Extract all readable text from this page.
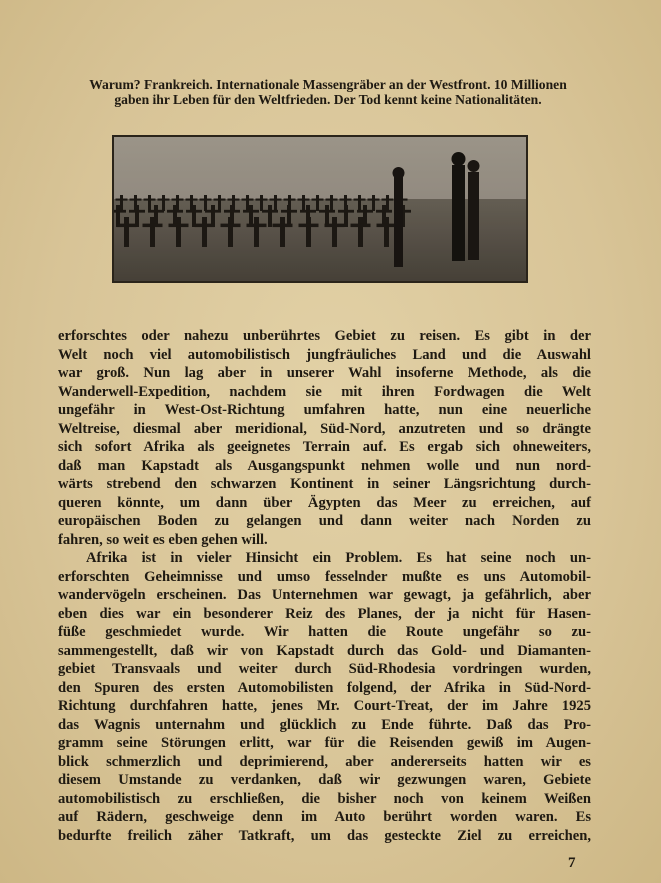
Warum? Frankreich. Internationale Massengräber an der Westfront. 10 Millionen
gaben ihr Leben für den Weltfrieden. Der Tod kennt keine Nationalitäten.
erforschtes oder nahezu unberührtes Gebiet zu reisen. Es gibt in der
Welt noch viel automobilistisch jungfräuliches Land und die Auswahl
war groß. Nun lag aber in unserer Wahl insoferne Methode, als die
Wanderwell-Expedition, nachdem sie mit ihren Fordwagen die Welt
ungefähr in West-Ost-Richtung umfahren hatte, nun eine neuerliche
Weltreise, diesmal aber meridional, Süd-Nord, anzutreten und so drängte
sich sofort Afrika als geeignetes Terrain auf. Es ergab sich ohneweiters,
daß man Kapstadt als Ausgangspunkt nehmen wolle und nun nord-
wärts strebend den schwarzen Kontinent in seiner Längsrichtung durch-
queren könnte, um dann über Ägypten das Meer zu erreichen, auf
europäischen Boden zu gelangen und dann weiter nach Norden zu
fahren, so weit es eben gehen will.
Afrika ist in vieler Hinsicht ein Problem. Es hat seine noch un-
erforschten Geheimnisse und umso fesselnder mußte es uns Automobil-
wandervögeln erscheinen. Das Unternehmen war gewagt, ja gefährlich, aber
eben dies war ein besonderer Reiz des Planes, der ja nicht für Hasen-
füße geschmiedet wurde. Wir hatten die Route ungefähr so zu-
sammengestellt, daß wir von Kapstadt durch das Gold- und Diamanten-
gebiet Transvaals und weiter durch Süd-Rhodesia vordringen wurden,
den Spuren des ersten Automobilisten folgend, der Afrika in Süd-Nord-
Richtung durchfahren hatte, jenes Mr. Court-Treat, der im Jahre 1925
das Wagnis unternahm und glücklich zu Ende führte. Daß das Pro-
gramm seine Störungen erlitt, war für die Reisenden gewiß im Augen-
blick schmerzlich und deprimierend, aber andererseits hatten wir es
diesem Umstande zu verdanken, daß wir gezwungen waren, Gebiete
automobilistisch zu erschließen, die bisher noch von keinem Weißen
auf Rädern, geschweige denn im Auto berührt worden waren. Es
bedurfte freilich zäher Tatkraft, um das gesteckte Ziel zu erreichen,
7
